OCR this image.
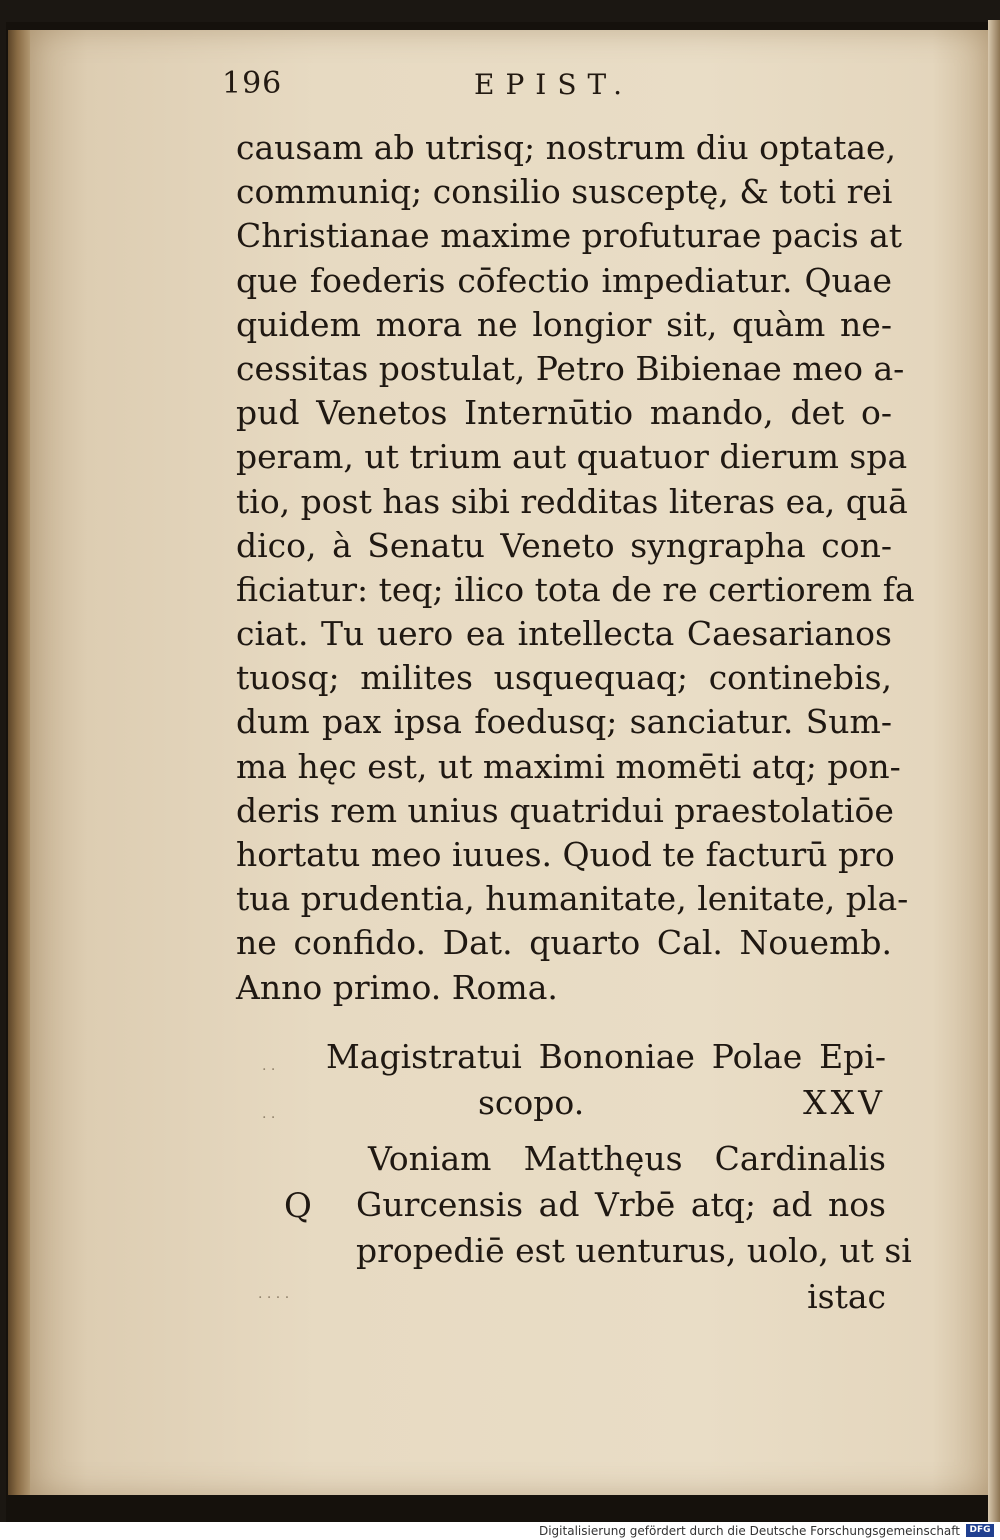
196	EPIST.
causam ab utrisq; nostrum diu optatae,
communiq; consilio susceptę, & toti rei
Christianae maxime profuturae pacis at
que foederis cōfectio impediatur. Quae
quidem mora ne longior sit, quàm ne-
cessitas postulat, Petro Bibienae meo a-
pud Venetos Internūtio mando, det o-
peram, ut trium aut quatuor dierum spa
tio, post has sibi redditas literas ea, quā
dico, à Senatu Veneto syngrapha con-
ficiatur: teq; ilico tota de re certiorem fa
ciat. Tu uero ea intellecta Caesarianos
tuosq; milites usquequaq; continebis,
dum pax ipsa foedusq; sanciatur. Sum-
ma hęc est, ut maximi momēti atq; pon-
deris rem unius quatridui praestolatiōe
hortatu meo iuues. Quod te facturū pro
tua prudentia, humanitate, lenitate, pla-
ne confido. Dat. quarto Cal. Nouemb.
Anno primo. Roma.
. .
. .
. . . .
Magistratui Bononiae Polae Epi-
scopo.	XXV
Q
Voniam Matthęus Cardinalis
Gurcensis ad Vrbē atq; ad nos
propediē est uenturus, uolo, ut si
istac
Digitalisierung gefördert durch die Deutsche Forschungsgemeinschaft	DFG
